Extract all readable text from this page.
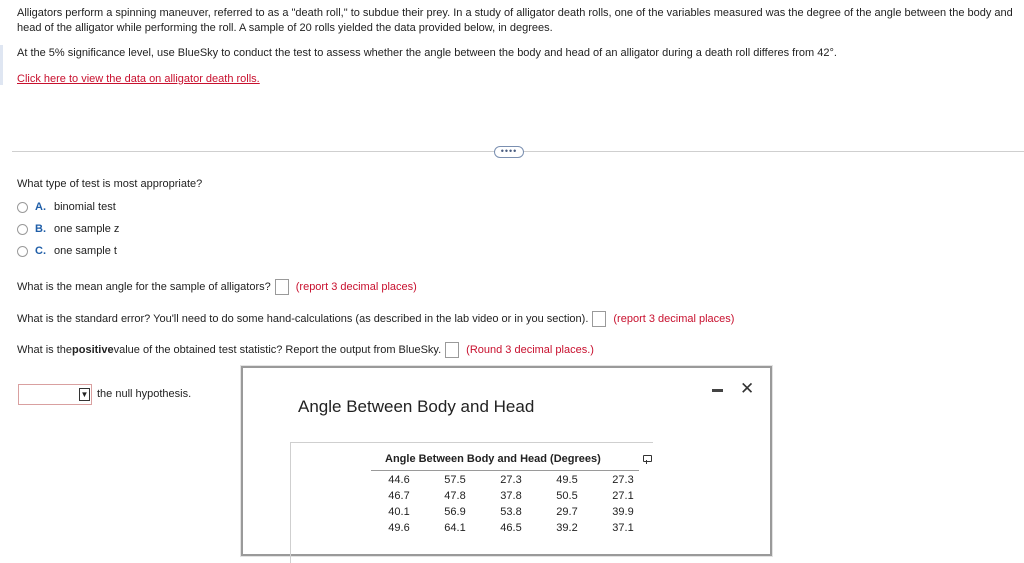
Alligators perform a spinning maneuver, referred to as a "death roll," to subdue their prey. In a study of alligator death rolls, one of the variables measured was the degree of the angle between the body and head of the alligator while performing the roll. A sample of 20 rolls yielded the data provided below, in degrees.

At the 5% significance level, use BlueSky to conduct the test to assess whether the angle between the body and head of an alligator during a death roll differes from 42°.

Click here to view the data on alligator death rolls.
••••
What type of test is most appropriate?
A. binomial test
B. one sample z
C. one sample t
What is the mean angle for the sample of alligators? (report 3 decimal places)
What is the standard error? You'll need to do some hand-calculations (as described in the lab video or in you section). (report 3 decimal places)
What is the positive value of the obtained test statistic? Report the output from BlueSky. (Round 3 decimal places.)
▼ the null hypothesis.
Angle Between Body and Head
✕
Angle Between Body and Head (Degrees)
44.6	57.5	27.3	49.5	27.3
46.7	47.8	37.8	50.5	27.1
40.1	56.9	53.8	29.7	39.9
49.6	64.1	46.5	39.2	37.1
